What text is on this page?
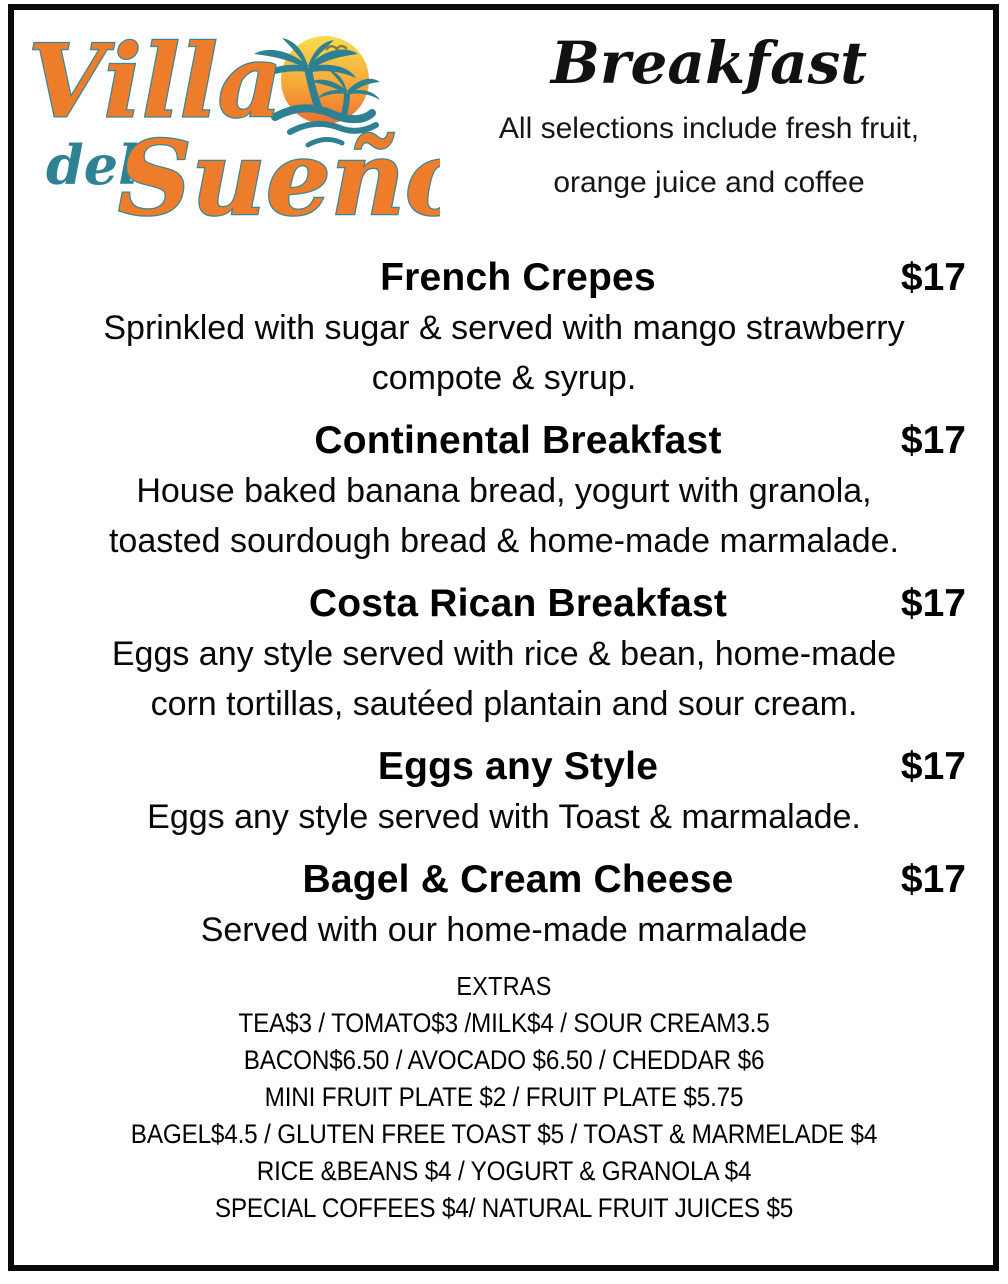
Villa
del
Sueño
Breakfast

All selections include fresh fruit,

orange juice and coffee

French Crepes	$17
Sprinkled with sugar & served with mango strawberry
compote & syrup.
Continental Breakfast	$17
House baked banana bread, yogurt with granola,
toasted sourdough bread & home-made marmalade.
Costa Rican Breakfast	$17
Eggs any style served with rice & bean, home-made
corn tortillas, sautéed plantain and sour cream.
Eggs any Style	$17
Eggs any style served with Toast & marmalade.
Bagel & Cream Cheese	$17
Served with our home-made marmalade
EXTRAS
TEA$3 / TOMATO$3 /MILK$4 / SOUR CREAM3.5
BACON$6.50 / AVOCADO $6.50 / CHEDDAR $6
MINI FRUIT PLATE $2 / FRUIT PLATE $5.75
BAGEL$4.5 / GLUTEN FREE TOAST $5 / TOAST & MARMELADE $4
RICE &BEANS $4 / YOGURT & GRANOLA $4
SPECIAL COFFEES $4/ NATURAL FRUIT JUICES $5
